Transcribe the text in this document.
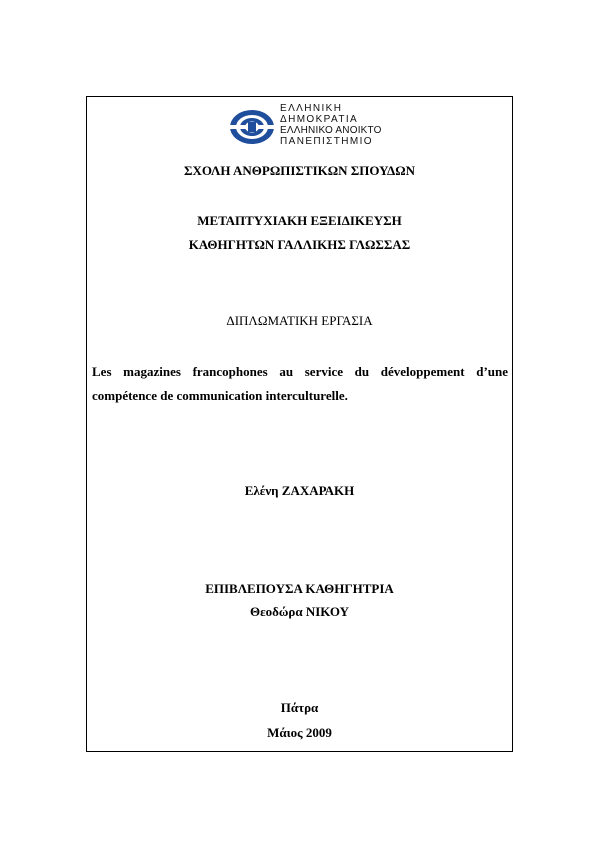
ΕΛΛΗΝΙΚΗ
ΔΗΜΟΚΡΑΤΙΑ
ΕΛΛΗΝΙΚΟ ΑΝΟΙΚΤΟ
ΠΑΝΕΠΙΣΤΗΜΙΟ
ΣΧΟΛΗ ΑΝΘΡΩΠΙΣΤΙΚΩΝ ΣΠΟΥΔΩΝ
ΜΕΤΑΠΤΥΧΙΑΚΗ ΕΞΕΙΔΙΚΕΥΣΗ
ΚΑΘΗΓΗΤΩΝ ΓΑΛΛΙΚΗΣ ΓΛΩΣΣΑΣ
ΔΙΠΛΩΜΑΤΙΚΗ ΕΡΓΑΣΙΑ
Les magazines francophones au service du développement d’une
compétence de communication interculturelle.
Ελένη ΖΑΧΑΡΑΚΗ
ΕΠΙΒΛΕΠΟΥΣΑ ΚΑΘΗΓΗΤΡΙΑ
Θεοδώρα ΝΙΚΟΥ
Πάτρα
Μάιος 2009
